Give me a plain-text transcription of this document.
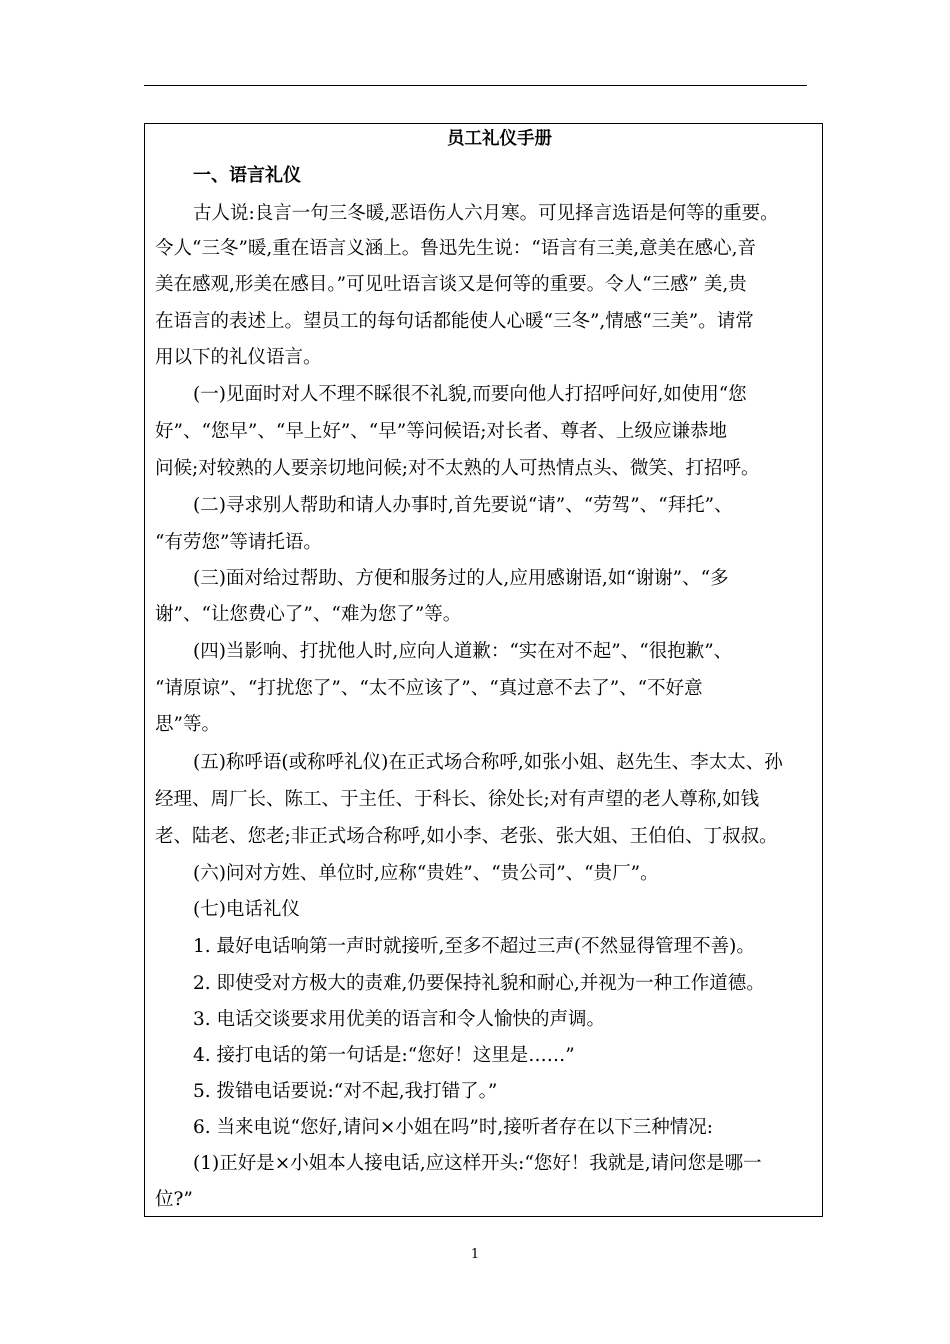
员工礼仪手册
一、语言礼仪
古人说:良言一句三冬暖,恶语伤人六月寒。可见择言选语是何等的重要。
令人“三冬”暖,重在语言义涵上。鲁迅先生说：“语言有三美,意美在感心,音
美在感观,形美在感目。”可见吐语言谈又是何等的重要。令人“三感” 美,贵
在语言的表述上。望员工的每句话都能使人心暖“三冬”,情感“三美”。请常
用以下的礼仪语言。
(一)见面时对人不理不睬很不礼貌,而要向他人打招呼问好,如使用“您
好”、“您早”、“早上好”、“早”等问候语;对长者、尊者、上级应谦恭地
问候;对较熟的人要亲切地问候;对不太熟的人可热情点头、微笑、打招呼。
(二)寻求别人帮助和请人办事时,首先要说“请”、“劳驾”、“拜托”、
“有劳您”等请托语。
(三)面对给过帮助、方便和服务过的人,应用感谢语,如“谢谢”、“多
谢”、“让您费心了”、“难为您了”等。
(四)当影响、打扰他人时,应向人道歉：“实在对不起”、“很抱歉”、
“请原谅”、“打扰您了”、“太不应该了”、“真过意不去了”、“不好意
思”等。
(五)称呼语(或称呼礼仪)在正式场合称呼,如张小姐、赵先生、李太太、孙
经理、周厂长、陈工、于主任、于科长、徐处长;对有声望的老人尊称,如钱
老、陆老、您老;非正式场合称呼,如小李、老张、张大姐、王伯伯、丁叔叔。
(六)问对方姓、单位时,应称“贵姓”、“贵公司”、“贵厂”。
(七)电话礼仪
1. 最好电话响第一声时就接听,至多不超过三声(不然显得管理不善)。
2. 即使受对方极大的责难,仍要保持礼貌和耐心,并视为一种工作道德。
3. 电话交谈要求用优美的语言和令人愉快的声调。
4. 接打电话的第一句话是:“您好！这里是……”
5. 拨错电话要说:“对不起,我打错了。”
6. 当来电说“您好,请问×小姐在吗”时,接听者存在以下三种情况:
(1)正好是×小姐本人接电话,应这样开头:“您好！我就是,请问您是哪一
位?”
1
